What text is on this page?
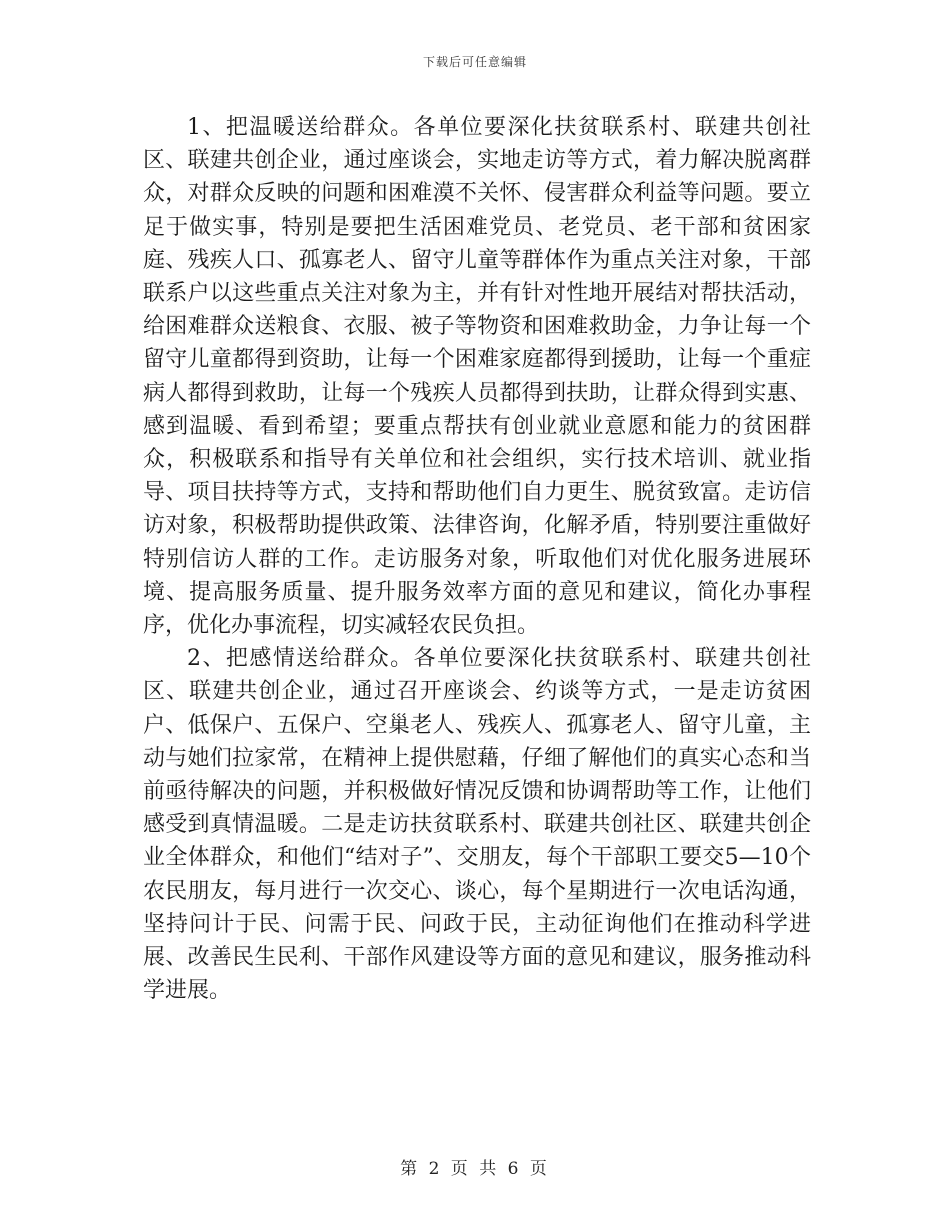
下载后可任意编辑

1、把温暖送给群众。各单位要深化扶贫联系村、联建共创社区、联建共创企业，通过座谈会，实地走访等方式，着力解决脱离群众，对群众反映的问题和困难漠不关怀、侵害群众利益等问题。要立足于做实事，特别是要把生活困难党员、老党员、老干部和贫困家庭、残疾人口、孤寡老人、留守儿童等群体作为重点关注对象，干部联系户以这些重点关注对象为主，并有针对性地开展结对帮扶活动，给困难群众送粮食、衣服、被子等物资和困难救助金，力争让每一个留守儿童都得到资助，让每一个困难家庭都得到援助，让每一个重症病人都得到救助，让每一个残疾人员都得到扶助，让群众得到实惠、感到温暖、看到希望；要重点帮扶有创业就业意愿和能力的贫困群众，积极联系和指导有关单位和社会组织，实行技术培训、就业指导、项目扶持等方式，支持和帮助他们自力更生、脱贫致富。走访信访对象，积极帮助提供政策、法律咨询，化解矛盾，特别要注重做好特别信访人群的工作。走访服务对象，听取他们对优化服务进展环境、提高服务质量、提升服务效率方面的意见和建议，简化办事程序，优化办事流程，切实减轻农民负担。

2、把感情送给群众。各单位要深化扶贫联系村、联建共创社区、联建共创企业，通过召开座谈会、约谈等方式，一是走访贫困户、低保户、五保户、空巢老人、残疾人、孤寡老人、留守儿童，主动与她们拉家常，在精神上提供慰藉，仔细了解他们的真实心态和当前亟待解决的问题，并积极做好情况反馈和协调帮助等工作，让他们感受到真情温暖。二是走访扶贫联系村、联建共创社区、联建共创企业全体群众，和他们“结对子”、交朋友，每个干部职工要交5—10个农民朋友，每月进行一次交心、谈心，每个星期进行一次电话沟通，坚持问计于民、问需于民、问政于民，主动征询他们在推动科学进展、改善民生民利、干部作风建设等方面的意见和建议，服务推动科学进展。

第 2 页 共 6 页
